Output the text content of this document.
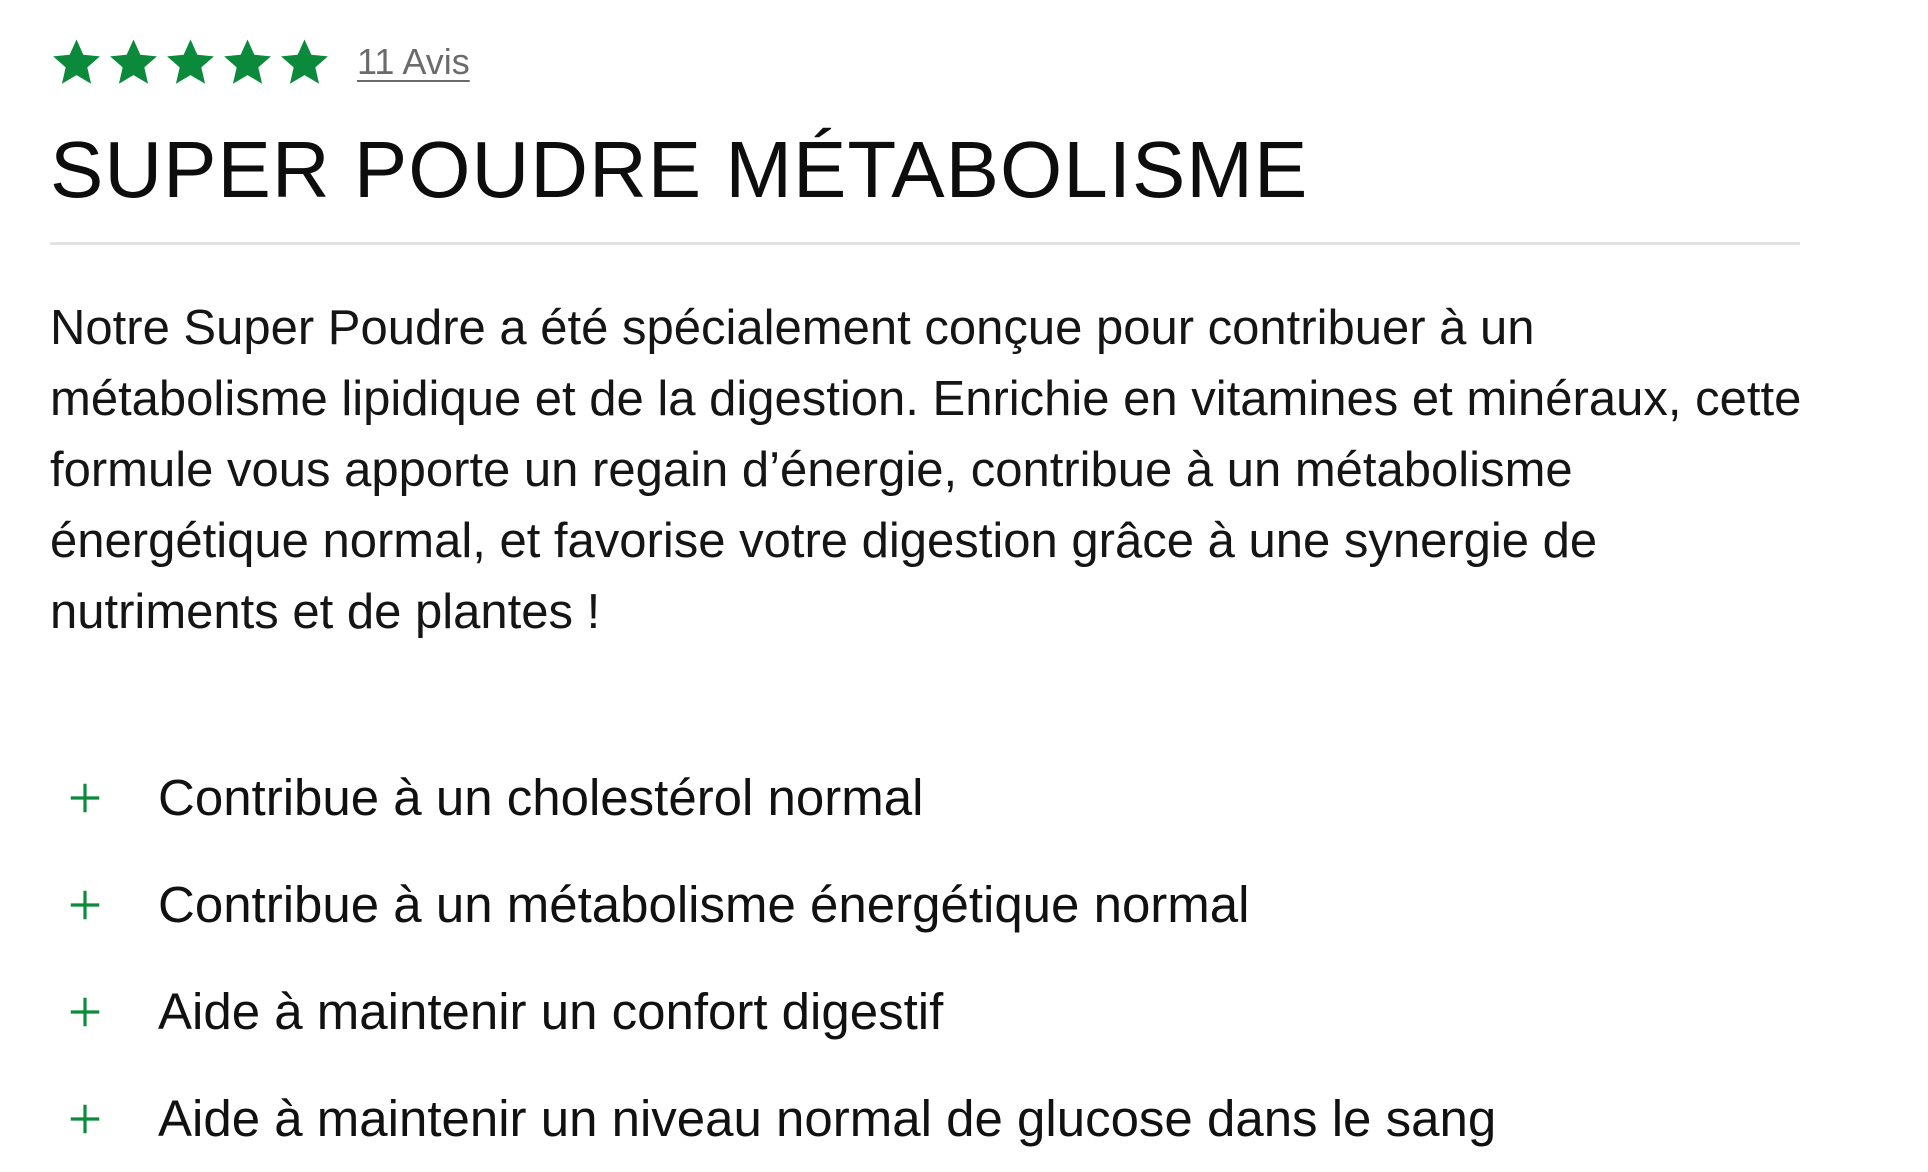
11 Avis
SUPER POUDRE MÉTABOLISME

Notre Super Poudre a été spécialement conçue pour contribuer à un métabolisme lipidique et de la digestion. Enrichie en vitamines et minéraux, cette formule vous apporte un regain d’énergie, contribue à un métabolisme énergétique normal, et favorise votre digestion grâce à une synergie de nutriments et de plantes !

Contribue à un cholestérol normal
Contribue à un métabolisme énergétique normal
Aide à maintenir un confort digestif
Aide à maintenir un niveau normal de glucose dans le sang
